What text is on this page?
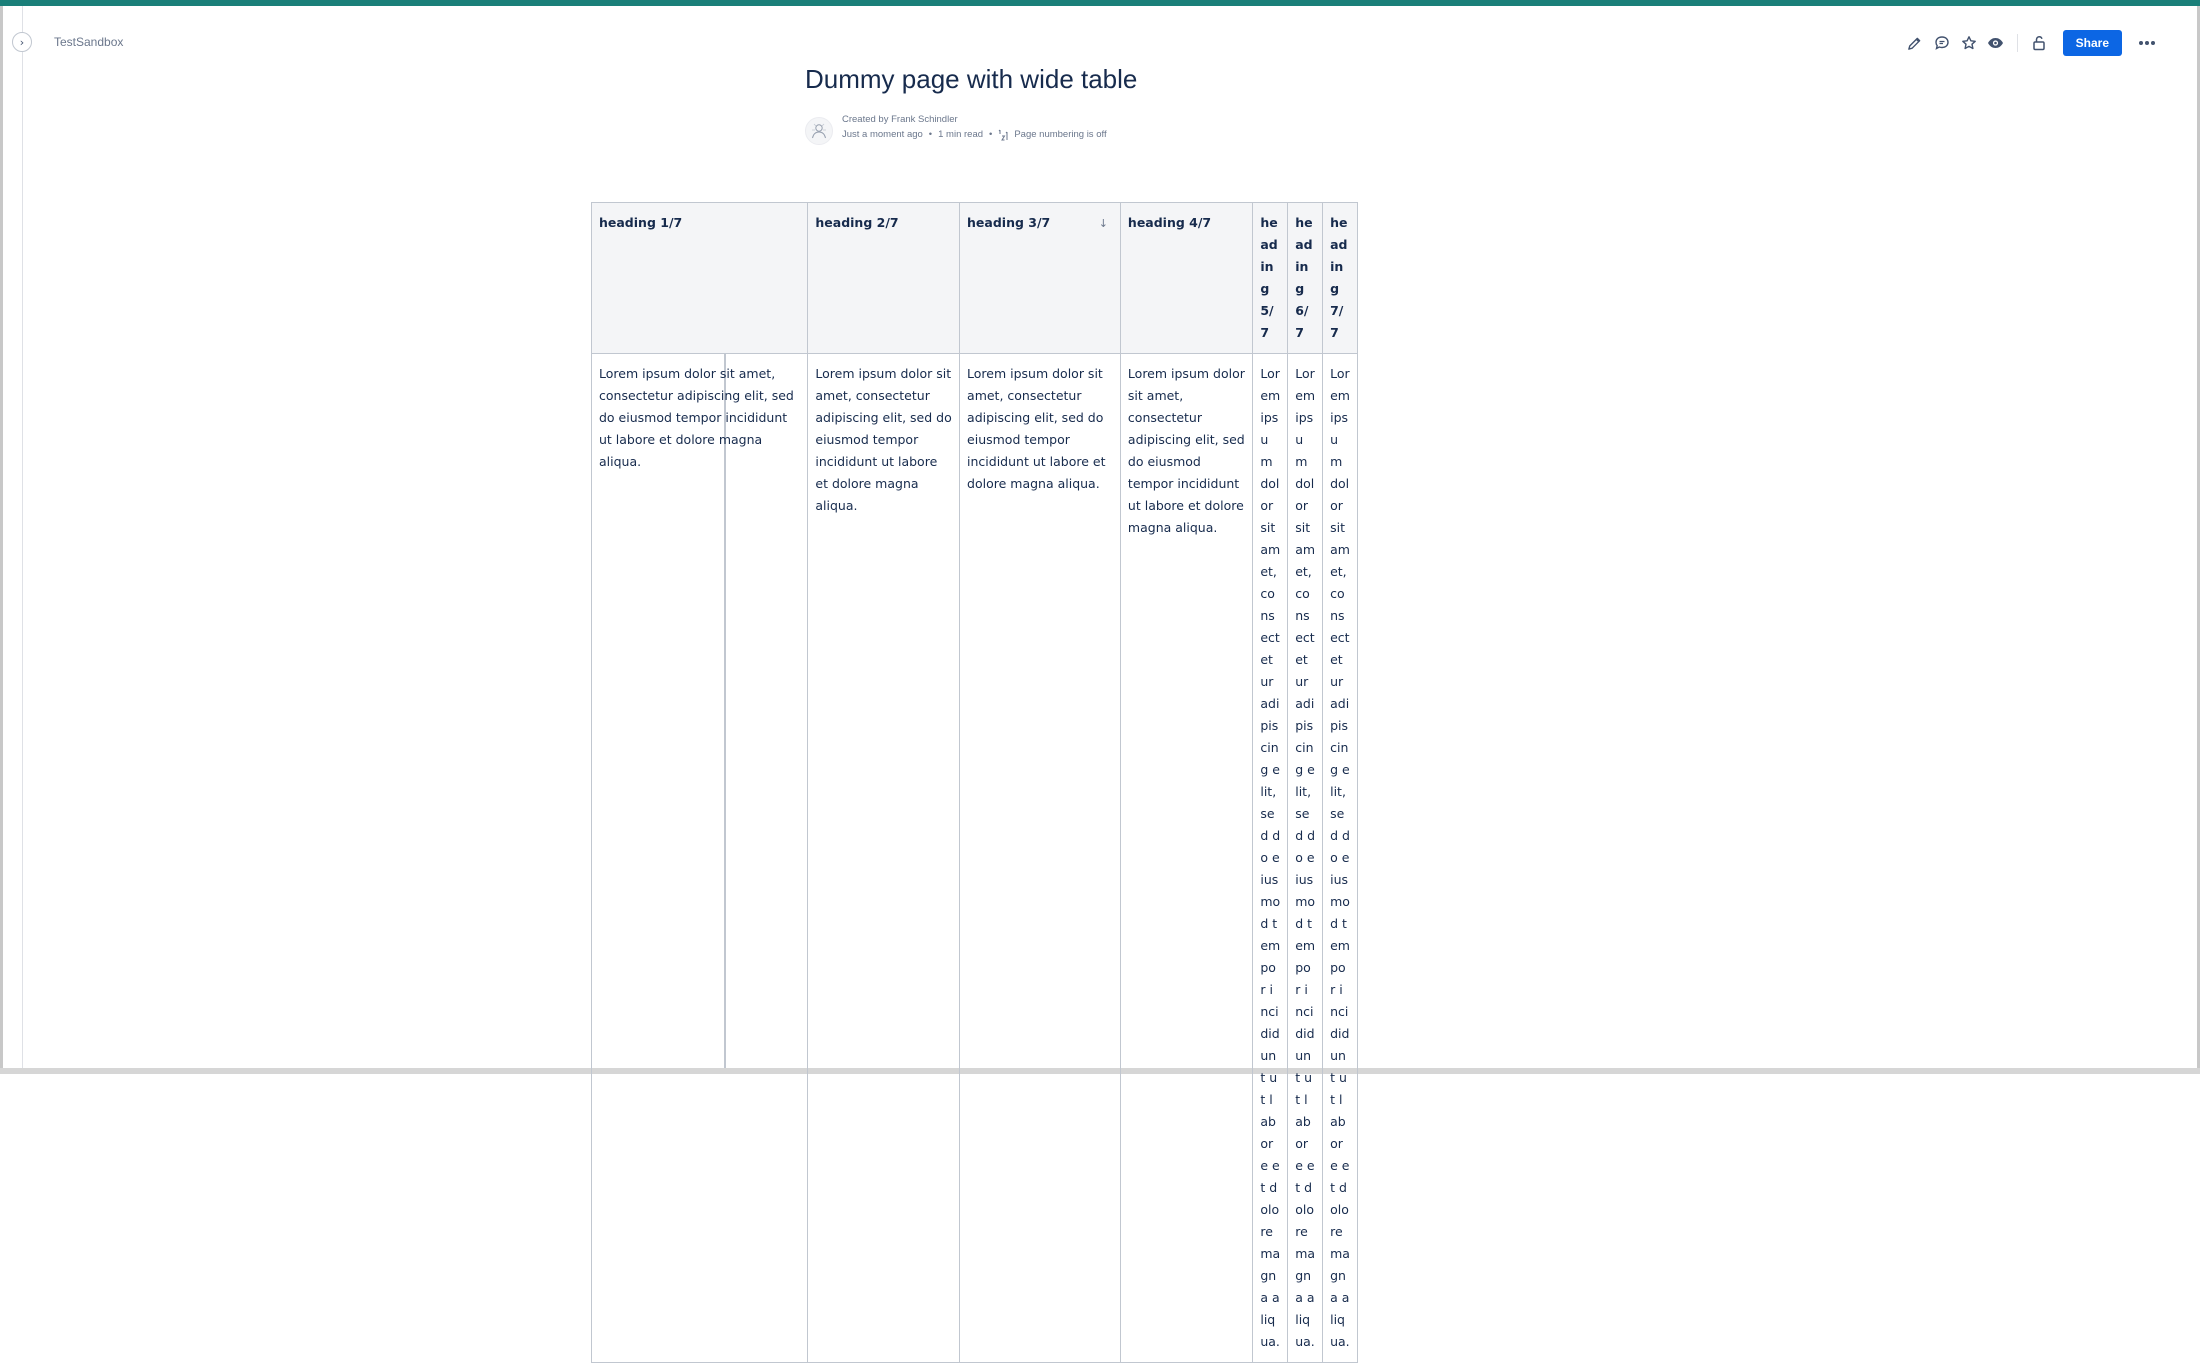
› TestSandbox	Share
Dummy page with wide table
Created by Frank Schindler
Just a moment ago • 1 min read • Page numbering is off
heading 1/7	heading 2/7	heading 3/7 ↓	heading 4/7	heading 5/7	heading 6/7	heading 7/7
Lorem ipsum dolor sit amet, consectetur adipiscing elit, sed do eiusmod tempor incididunt ut labore et dolore magna aliqua.	Lorem ipsum dolor sit amet, consectetur adipiscing elit, sed do eiusmod tempor incididunt ut labore et dolore magna aliqua.	Lorem ipsum dolor sit amet, consectetur adipiscing elit, sed do eiusmod tempor incididunt ut labore et dolore magna aliqua.	Lorem ipsum dolor sit amet, consectetur adipiscing elit, sed do eiusmod tempor incididunt ut labore et dolore magna aliqua.	Lorem ipsum dolor sit amet, consectetur adipiscing elit, sed do eiusmod tempor incididunt ut labore et dolore magna aliqua.	Lorem ipsum dolor sit amet, consectetur adipiscing elit, sed do eiusmod tempor incididunt ut labore et dolore magna aliqua.	Lorem ipsum dolor sit amet, consectetur adipiscing elit, sed do eiusmod tempor incididunt ut labore et dolore magna aliqua.
